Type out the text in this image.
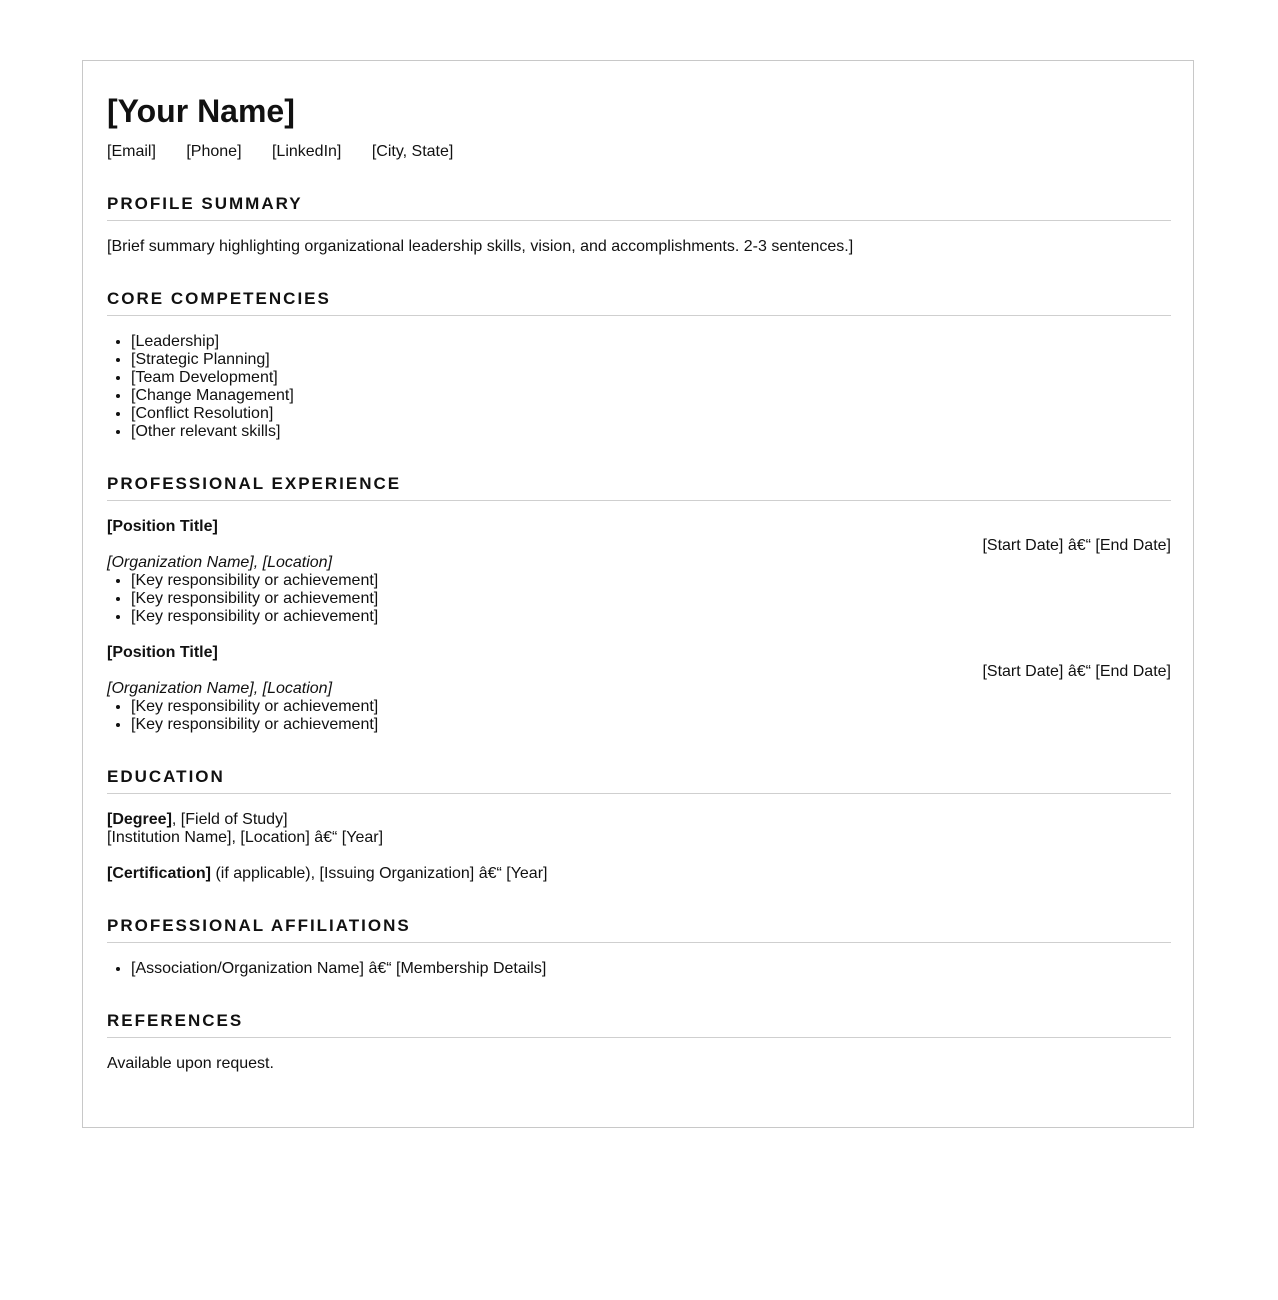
[Your Name]
[Email] [Phone] [LinkedIn] [City, State]
PROFILE SUMMARY
[Brief summary highlighting organizational leadership skills, vision, and accomplishments. 2-3 sentences.]
CORE COMPETENCIES
• [Leadership]
• [Strategic Planning]
• [Team Development]
• [Change Management]
• [Conflict Resolution]
• [Other relevant skills]
PROFESSIONAL EXPERIENCE
[Position Title]
[Start Date] â€“ [End Date]
[Organization Name], [Location]
• [Key responsibility or achievement]
• [Key responsibility or achievement]
• [Key responsibility or achievement]
[Position Title]
[Start Date] â€“ [End Date]
[Organization Name], [Location]
• [Key responsibility or achievement]
• [Key responsibility or achievement]
EDUCATION
[Degree], [Field of Study]
[Institution Name], [Location] â€“ [Year]
[Certification] (if applicable), [Issuing Organization] â€“ [Year]
PROFESSIONAL AFFILIATIONS
• [Association/Organization Name] â€“ [Membership Details]
REFERENCES
Available upon request.
